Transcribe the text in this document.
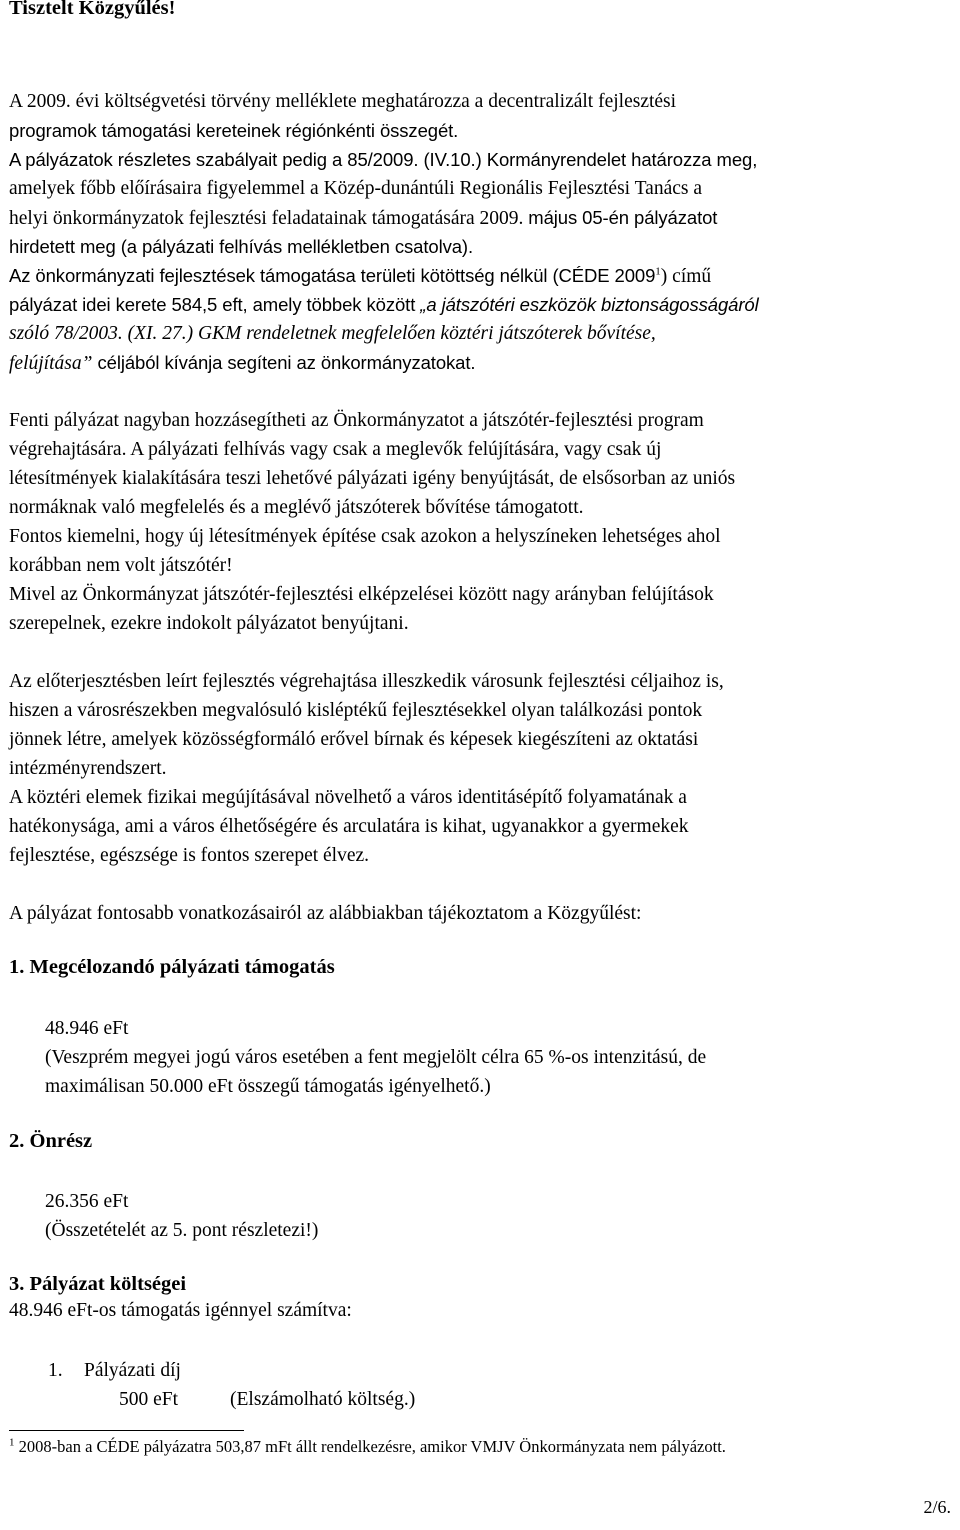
Tisztelt Közgyűlés!

A 2009. évi költségvetési törvény melléklete meghatározza a decentralizált fejlesztési

programok támogatási kereteinek régiónkénti összegét.

A pályázatok részletes szabályait pedig a 85/2009. (IV.10.) Kormányrendelet határozza meg,

amelyek főbb előírásaira figyelemmel a Közép-dunántúli Regionális Fejlesztési Tanács a

helyi önkormányzatok fejlesztési feladatainak támogatására 2009. május 05-én pályázatot

hirdetett meg (a pályázati felhívás mellékletben csatolva).

Az önkormányzati fejlesztések támogatása területi kötöttség nélkül (CÉDE 2009$^1$) című

pályázat idei kerete 584,5 eft, amely többek között „a játszótéri eszközök biztonságosságáról

szóló 78/2003. (XI. 27.) GKM rendeletnek megfelelően köztéri játszóterek bővítése,

felújítása” céljából kívánja segíteni az önkormányzatokat.

Fenti pályázat nagyban hozzásegítheti az Önkormányzatot a játszótér-fejlesztési program

végrehajtására. A pályázati felhívás vagy csak a meglevők felújítására, vagy csak új

létesítmények kialakítására teszi lehetővé pályázati igény benyújtását, de elsősorban az uniós

normáknak való megfelelés és a meglévő játszóterek bővítése támogatott.

Fontos kiemelni, hogy új létesítmények építése csak azokon a helyszíneken lehetséges ahol

korábban nem volt játszótér!

Mivel az Önkormányzat játszótér-fejlesztési elképzelései között nagy arányban felújítások

szerepelnek, ezekre indokolt pályázatot benyújtani.

Az előterjesztésben leírt fejlesztés végrehajtása illeszkedik városunk fejlesztési céljaihoz is,

hiszen a városrészekben megvalósuló kisléptékű fejlesztésekkel olyan találkozási pontok

jönnek létre, amelyek közösségformáló erővel bírnak és képesek kiegészíteni az oktatási

intézményrendszert.

A köztéri elemek fizikai megújításával növelhető a város identitásépítő folyamatának a

hatékonysága, ami a város élhetőségére és arculatára is kihat, ugyanakkor a gyermekek

fejlesztése, egészsége is fontos szerepet élvez.

A pályázat fontosabb vonatkozásairól az alábbiakban tájékoztatom a Közgyűlést:

1. Megcélozandó pályázati támogatás

48.946 eFt

(Veszprém megyei jogú város esetében a fent megjelölt célra 65 %-os intenzitású, de

maximálisan 50.000 eFt összegű támogatás igényelhető.)

2. Önrész

26.356 eFt

(Összetételét az 5. pont részletezi!)

3. Pályázat költségei

48.946 eFt-os támogatás igénnyel számítva:

1.	Pályázati díj

500 eFt	(Elszámolható költség.)

$^1$ 2008-ban a CÉDE pályázatra 503,87 mFt állt rendelkezésre, amikor VMJV Önkormányzata nem pályázott.
2/6.
